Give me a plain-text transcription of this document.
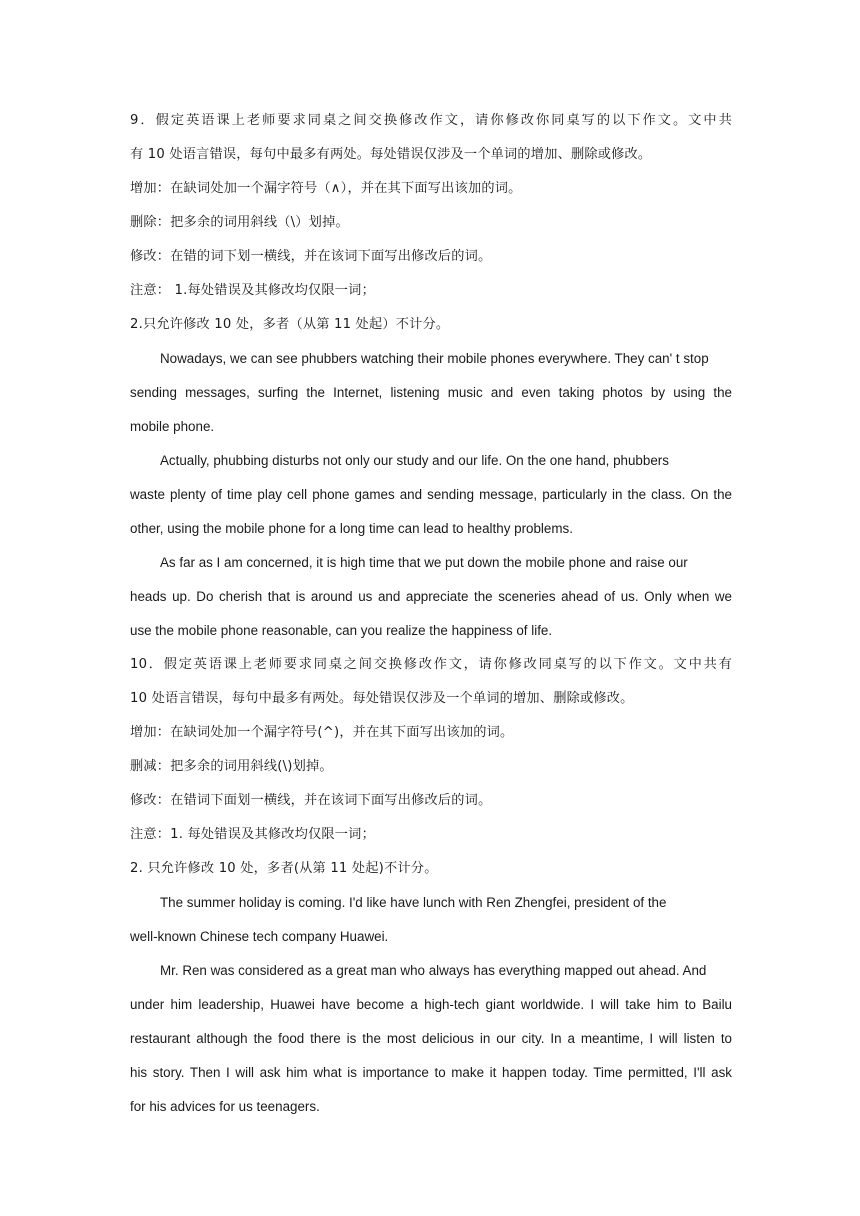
9．假定英语课上老师要求同桌之间交换修改作文，请你修改你同桌写的以下作文。文中共
有 10 处语言错误，每句中最多有两处。每处错误仅涉及一个单词的增加、删除或修改。
增加：在缺词处加一个漏字符号（∧），并在其下面写出该加的词。
删除：把多余的词用斜线（\）划掉。
修改：在错的词下划一横线，并在该词下面写出修改后的词。
注意： 1.每处错误及其修改均仅限一词；
2.只允许修改 10 处，多者（从第 11 处起）不计分。
Nowadays, we can see phubbers watching their mobile phones everywhere. They can' t stop
sending messages, surfing the Internet, listening music and even taking photos by using the
mobile phone.
Actually, phubbing disturbs not only our study and our life. On the one hand, phubbers
waste plenty of time play cell phone games and sending message, particularly in the class. On the
other, using the mobile phone for a long time can lead to healthy problems.
As far as I am concerned, it is high time that we put down the mobile phone and raise our
heads up. Do cherish that is around us and appreciate the sceneries ahead of us. Only when we
use the mobile phone reasonable, can you realize the happiness of life.
10．假定英语课上老师要求同桌之间交换修改作文，请你修改同桌写的以下作文。文中共有
10 处语言错误，每句中最多有两处。每处错误仅涉及一个单词的增加、删除或修改。
增加：在缺词处加一个漏字符号(^)，并在其下面写出该加的词。
删减：把多余的词用斜线(\)划掉。
修改：在错词下面划一横线，并在该词下面写出修改后的词。
注意：1. 每处错误及其修改均仅限一词；
2. 只允许修改 10 处，多者(从第 11 处起)不计分。
The summer holiday is coming. I'd like have lunch with Ren Zhengfei, president of the
well-known Chinese tech company Huawei.
Mr. Ren was considered as a great man who always has everything mapped out ahead. And
under him leadership, Huawei have become a high-tech giant worldwide. I will take him to Bailu
restaurant although the food there is the most delicious in our city. In a meantime, I will listen to
his story. Then I will ask him what is importance to make it happen today. Time permitted, I'll ask
for his advices for us teenagers.
